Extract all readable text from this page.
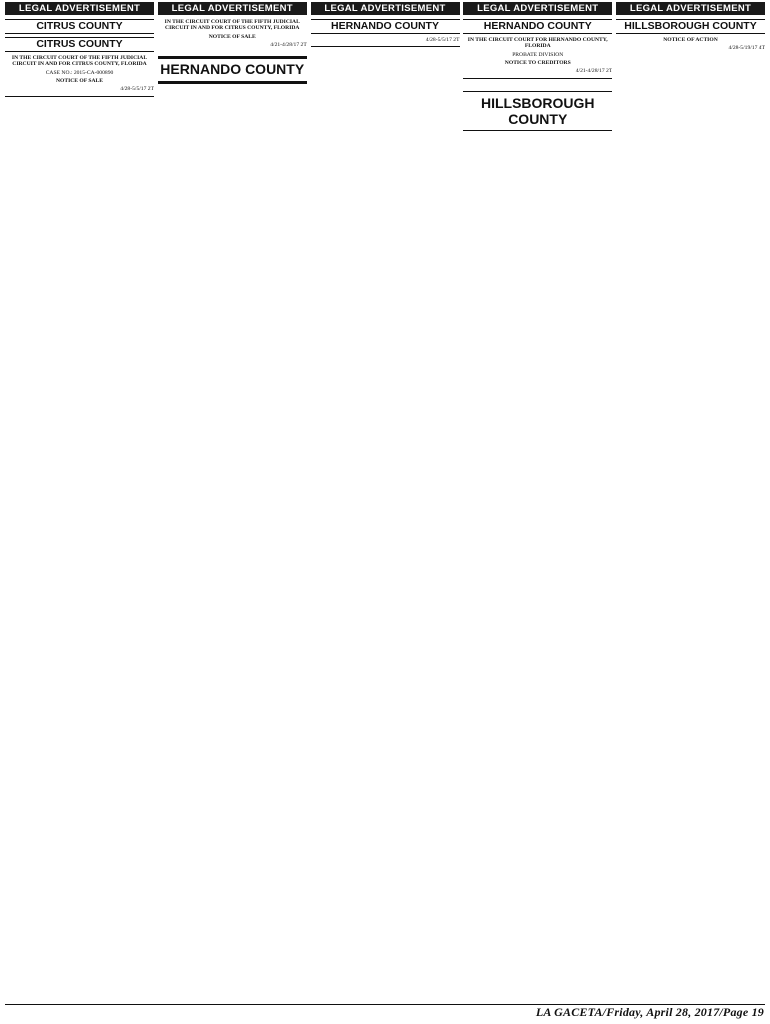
LEGAL ADVERTISEMENT	LEGAL ADVERTISEMENT	LEGAL ADVERTISEMENT	LEGAL ADVERTISEMENT	LEGAL ADVERTISEMENT
CITRUS COUNTY
CITRUS COUNTY

IN THE CIRCUIT COURT OF THE FIFTH JUDICIAL CIRCUIT IN AND FOR CITRUS COUNTY, FLORIDA

CASE NO.: 2015-CA-000890

NOTICE OF SALE

4/28-5/5/17 2T

IN THE CIRCUIT COURT OF THE FIFTH JUDICIAL CIRCUIT IN AND FOR CITRUS COUNTY, FLORIDA

NOTICE OF SALE

4/21-4/28/17 2T

HERNANDO COUNTY
HERNANDO COUNTY

4/28-5/5/17 2T

HERNANDO COUNTY

IN THE CIRCUIT COURT FOR HERNANDO COUNTY, FLORIDA

PROBATE DIVISION

NOTICE TO CREDITORS

4/21-4/28/17 2T

HILLSBOROUGH COUNTY
HILLSBOROUGH COUNTY

NOTICE OF ACTION

4/28-5/19/17 4T

LA GACETA/Friday, April 28, 2017/Page 19
